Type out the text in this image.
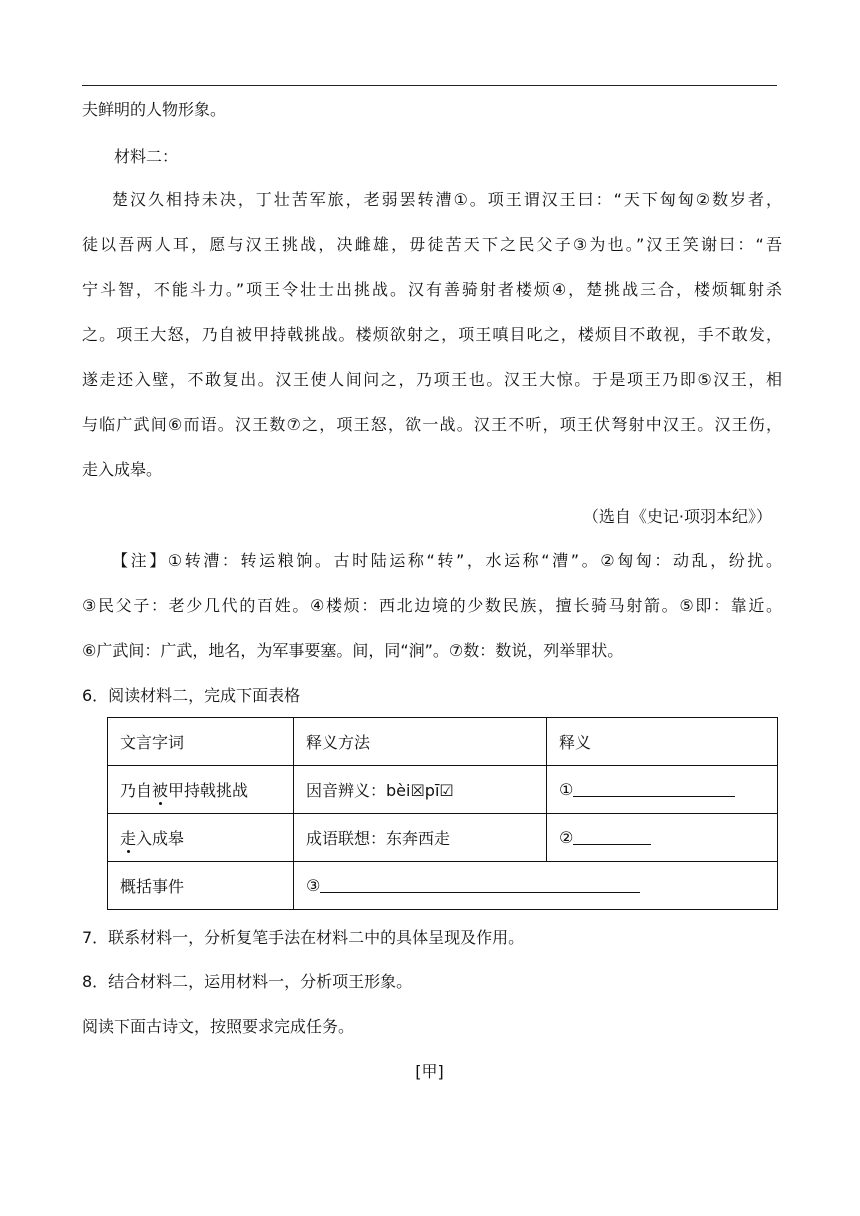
夫鲜明的人物形象。
材料二：

楚汉久相持未决，丁壮苦军旅，老弱罢转漕①。项王谓汉王曰：“天下匈匈②数岁者，

徒以吾两人耳，愿与汉王挑战，决雌雄，毋徒苦天下之民父子③为也。”汉王笑谢曰：“吾

宁斗智，不能斗力。”项王令壮士出挑战。汉有善骑射者楼烦④，楚挑战三合，楼烦辄射杀

之。项王大怒，乃自被甲持戟挑战。楼烦欲射之，项王嗔目叱之，楼烦目不敢视，手不敢发，

遂走还入壁，不敢复出。汉王使人间问之，乃项王也。汉王大惊。于是项王乃即⑤汉王，相

与临广武间⑥而语。汉王数⑦之，项王怒，欲一战。汉王不听，项王伏弩射中汉王。汉王伤，

走入成皋。

（选自《史记·项羽本纪》）

【注】①转漕：转运粮饷。古时陆运称“转”，水运称“漕”。②匈匈：动乱，纷扰。

③民父子：老少几代的百姓。④楼烦：西北边境的少数民族，擅长骑马射箭。⑤即：靠近。

⑥广武间：广武，地名，为军事要塞。间，同“涧”。⑦数：数说，列举罪状。

6．阅读材料二，完成下面表格
文言字词	释义方法	释义
乃自被甲持戟挑战	因音辨义：bèi☒pī☑	①
走入成皋	成语联想：东奔西走	②
概括事件	③	
7．联系材料一，分析复笔手法在材料二中的具体呈现及作用。
8．结合材料二，运用材料一，分析项王形象。
阅读下面古诗文，按照要求完成任务。
[甲]
